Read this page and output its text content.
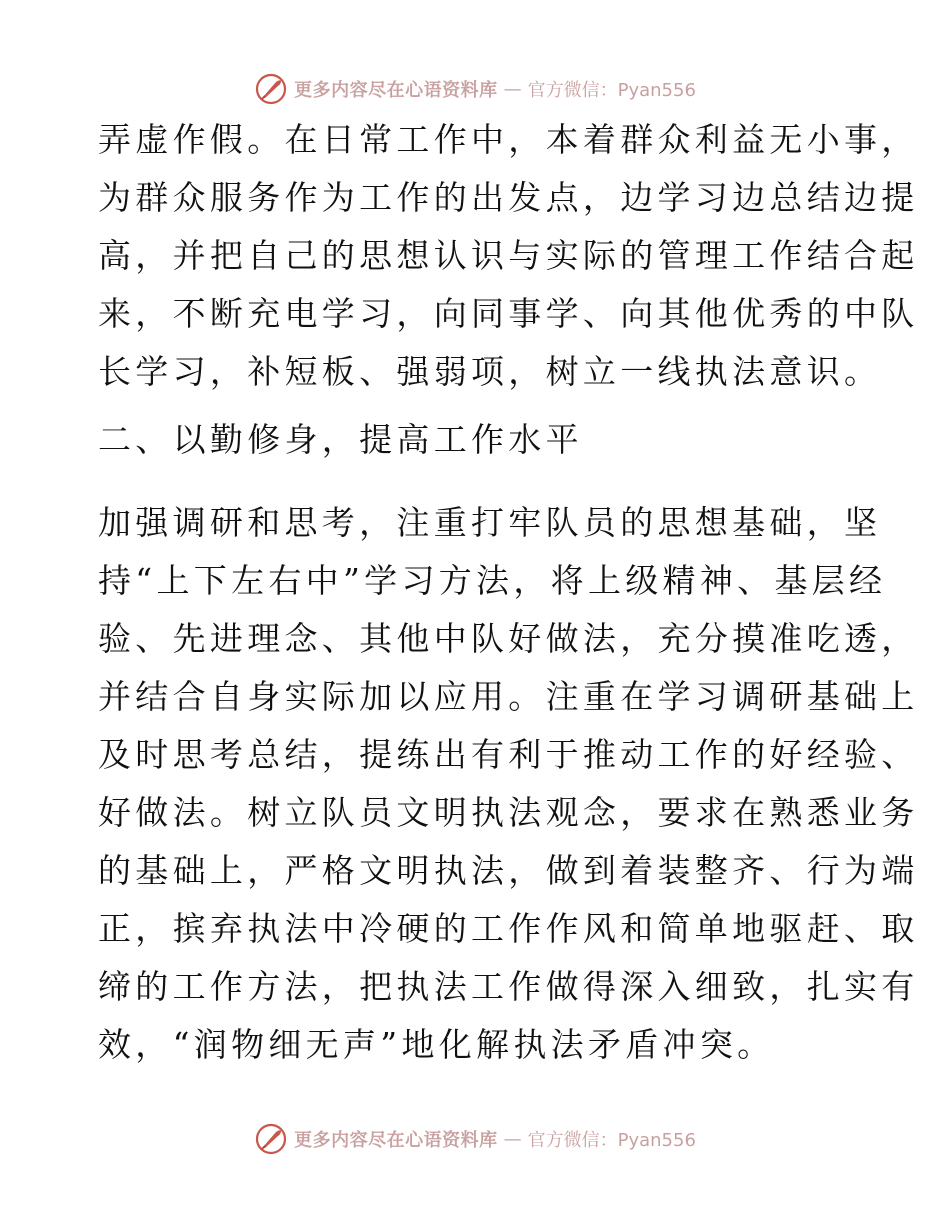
更多内容尽在心语资料库 — 官方微信：Pyan556
弄虚作假。在日常工作中，本着群众利益无小事，
为群众服务作为工作的出发点，边学习边总结边提
高，并把自己的思想认识与实际的管理工作结合起
来，不断充电学习，向同事学、向其他优秀的中队
长学习，补短板、强弱项，树立一线执法意识。
二、以勤修身，提高工作水平
加强调研和思考，注重打牢队员的思想基础，坚
持“上下左右中”学习方法，将上级精神、基层经
验、先进理念、其他中队好做法，充分摸准吃透，
并结合自身实际加以应用。注重在学习调研基础上
及时思考总结，提练出有利于推动工作的好经验、
好做法。树立队员文明执法观念，要求在熟悉业务
的基础上，严格文明执法，做到着装整齐、行为端
正，摈弃执法中冷硬的工作作风和简单地驱赶、取
缔的工作方法，把执法工作做得深入细致，扎实有
效，“润物细无声”地化解执法矛盾冲突。
更多内容尽在心语资料库 — 官方微信：Pyan556
